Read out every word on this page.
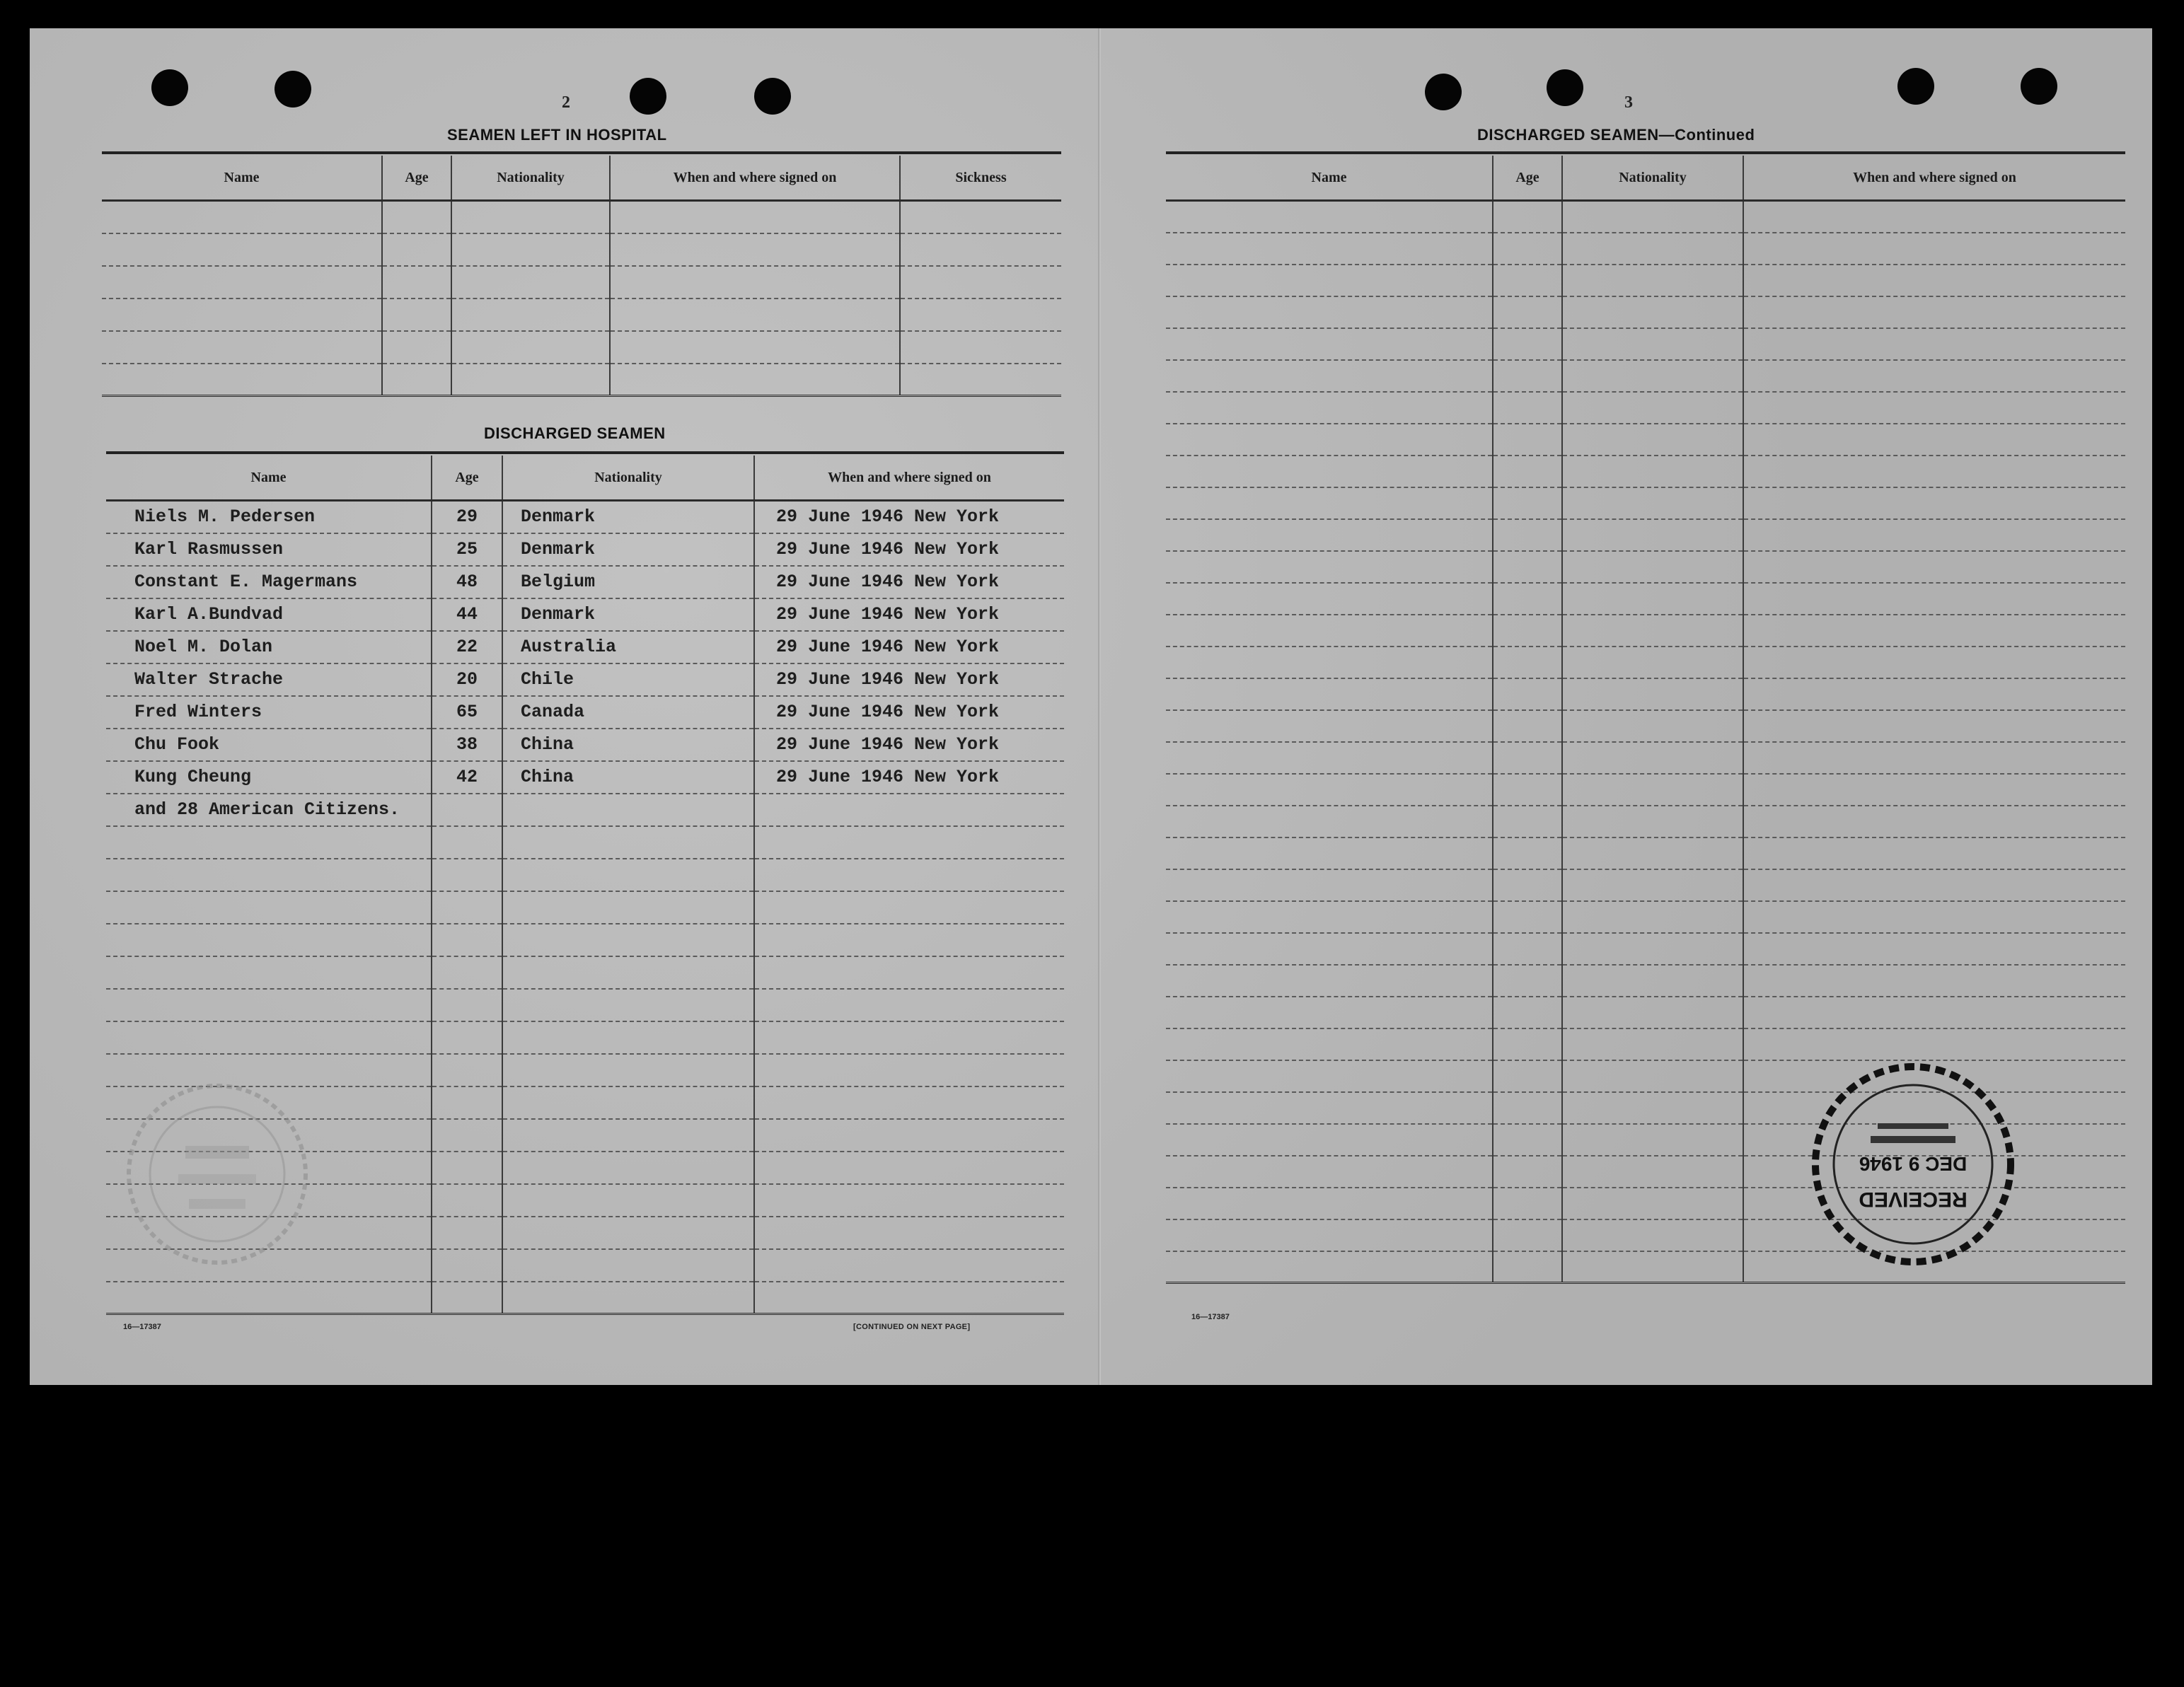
2
SEAMEN LEFT IN HOSPITAL
Name	Age	Nationality	When and where signed on	Sickness

DISCHARGED SEAMEN
Name	Age	Nationality	When and where signed on
Niels M. Pedersen	29	Denmark	29 June 1946 New York
Karl Rasmussen	25	Denmark	29 June 1946 New York
Constant E. Magermans	48	Belgium	29 June 1946 New York
Karl A.Bundvad	44	Denmark	29 June 1946 New York
Noel M. Dolan	22	Australia	29 June 1946 New York
Walter Strache	20	Chile	29 June 1946 New York
Fred Winters	65	Canada	29 June 1946 New York
Chu Fook	38	China	29 June 1946 New York
Kung Cheung	42	China	29 June 1946 New York
and 28 American Citizens.			

16—17387	[CONTINUED ON NEXT PAGE]
3
DISCHARGED SEAMEN—Continued
Name	Age	Nationality	When and where signed on

16—17387
RECEIVED
DEC 9 1946
